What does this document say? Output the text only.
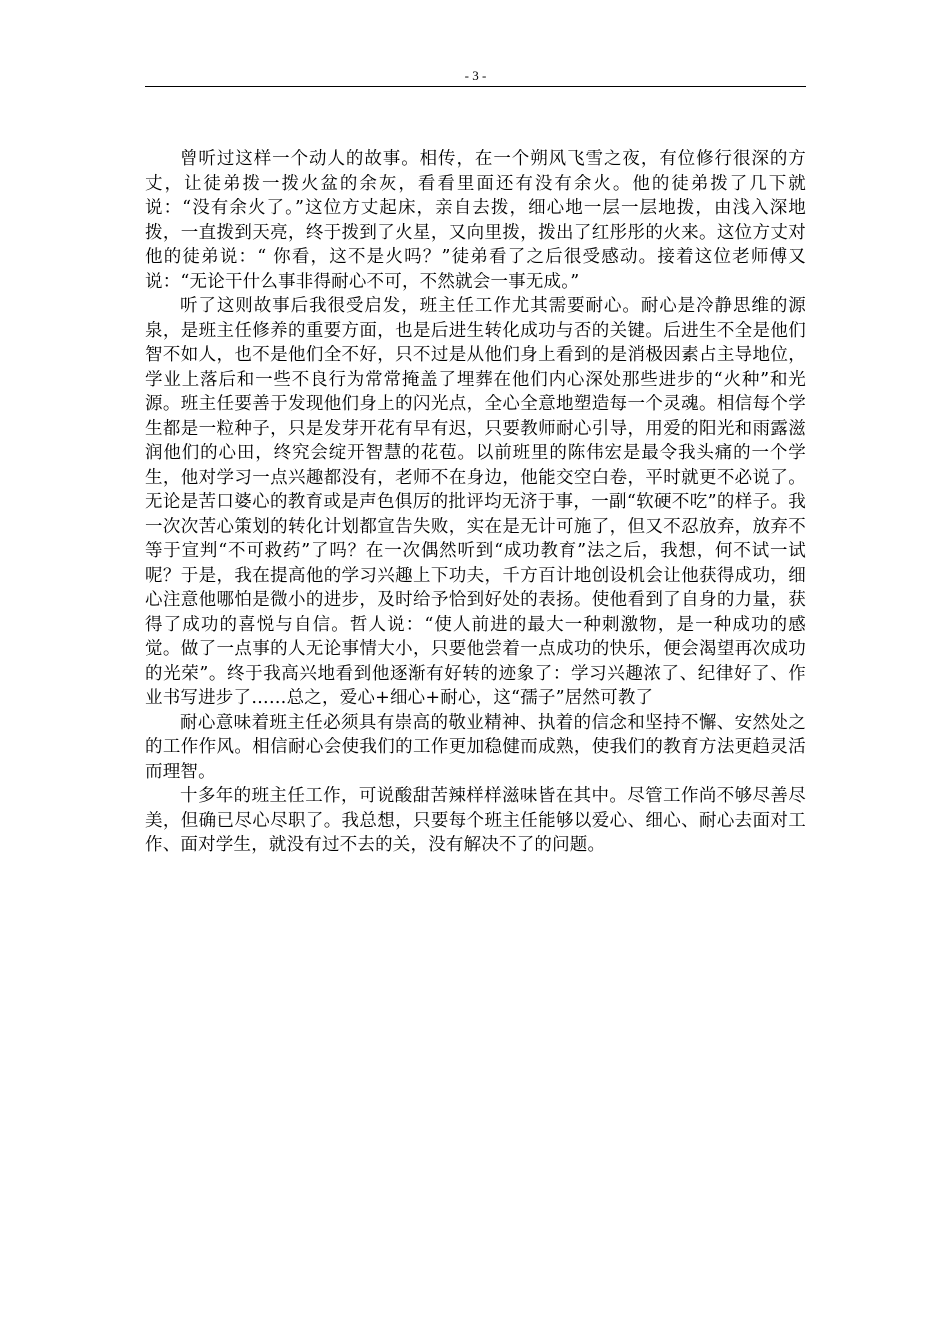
- 3 -

曾听过这样一个动人的故事。相传，在一个朔风飞雪之夜，有位修行很深的方丈，让徒弟拨一拨火盆的余灰，看看里面还有没有余火。他的徒弟拨了几下就说：“没有余火了。”这位方丈起床，亲自去拨，细心地一层一层地拨，由浅入深地拨，一直拨到天亮，终于拨到了火星，又向里拨，拨出了红彤彤的火来。这位方丈对他的徒弟说：“ 你看，这不是火吗？”徒弟看了之后很受感动。接着这位老师傅又说：“无论干什么事非得耐心不可，不然就会一事无成。”

听了这则故事后我很受启发，班主任工作尤其需要耐心。耐心是冷静思维的源泉，是班主任修养的重要方面，也是后进生转化成功与否的关键。后进生不全是他们智不如人，也不是他们全不好，只不过是从他们身上看到的是消极因素占主导地位，学业上落后和一些不良行为常常掩盖了埋葬在他们内心深处那些进步的“火种”和光源。班主任要善于发现他们身上的闪光点，全心全意地塑造每一个灵魂。相信每个学生都是一粒种子，只是发芽开花有早有迟，只要教师耐心引导，用爱的阳光和雨露滋润他们的心田，终究会绽开智慧的花苞。以前班里的陈伟宏是最令我头痛的一个学生，他对学习一点兴趣都没有，老师不在身边，他能交空白卷，平时就更不必说了。无论是苦口婆心的教育或是声色俱厉的批评均无济于事，一副“软硬不吃”的样子。我一次次苦心策划的转化计划都宣告失败，实在是无计可施了，但又不忍放弃，放弃不等于宣判“不可救药”了吗？在一次偶然听到“成功教育”法之后，我想，何不试一试呢？于是，我在提高他的学习兴趣上下功夫，千方百计地创设机会让他获得成功，细心注意他哪怕是微小的进步，及时给予恰到好处的表扬。使他看到了自身的力量，获得了成功的喜悦与自信。哲人说：“使人前进的最大一种刺激物，是一种成功的感觉。做了一点事的人无论事情大小，只要他尝着一点成功的快乐，便会渴望再次成功的光荣”。终于我高兴地看到他逐渐有好转的迹象了：学习兴趣浓了、纪律好了、作业书写进步了……总之，爱心+细心+耐心，这“孺子”居然可教了

耐心意味着班主任必须具有崇高的敬业精神、执着的信念和坚持不懈、安然处之的工作作风。相信耐心会使我们的工作更加稳健而成熟，使我们的教育方法更趋灵活而理智。

十多年的班主任工作，可说酸甜苦辣样样滋味皆在其中。尽管工作尚不够尽善尽美，但确已尽心尽职了。我总想，只要每个班主任能够以爱心、细心、耐心去面对工作、面对学生，就没有过不去的关，没有解决不了的问题。
